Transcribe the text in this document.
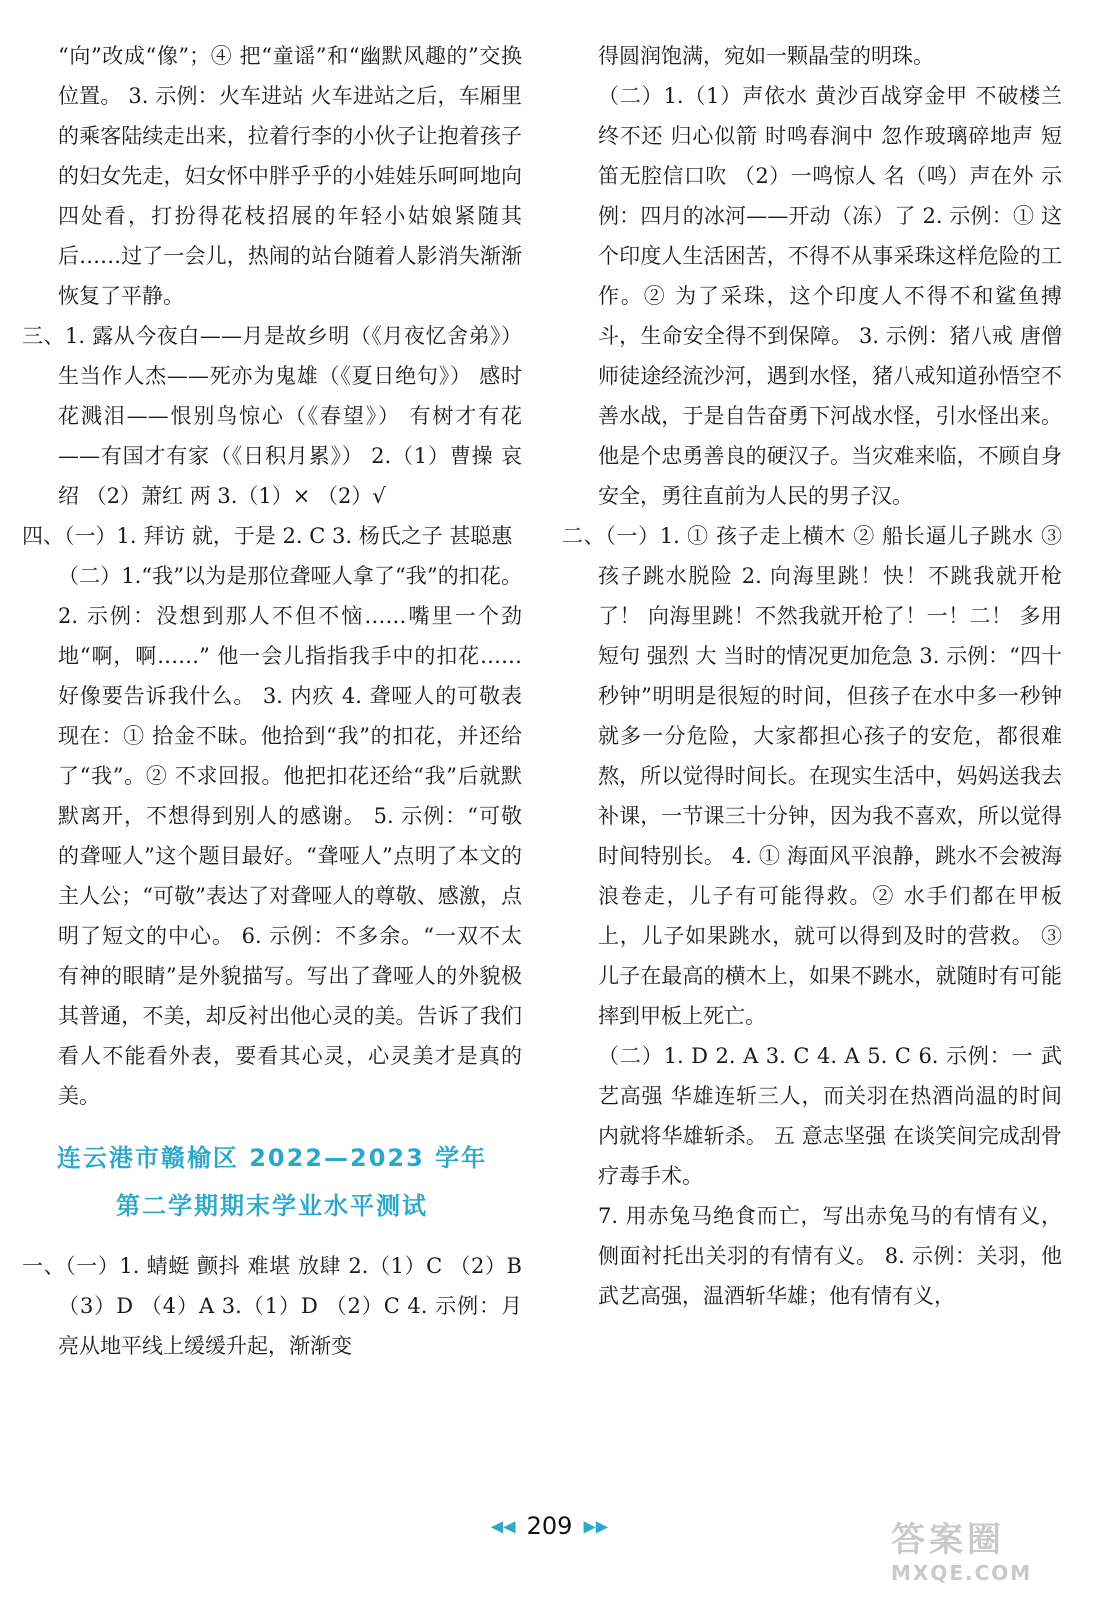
“向”改成“像”；④ 把“童谣”和“幽默风趣的”交换位置。 3. 示例：火车进站 火车进站之后，车厢里的乘客陆续走出来，拉着行李的小伙子让抱着孩子的妇女先走，妇女怀中胖乎乎的小娃娃乐呵呵地向四处看，打扮得花枝招展的年轻小姑娘紧随其后……过了一会儿，热闹的站台随着人影消失渐渐恢复了平静。
三、1. 露从今夜白——月是故乡明（《月夜忆舍弟》） 生当作人杰——死亦为鬼雄（《夏日绝句》） 感时花溅泪——恨别鸟惊心（《春望》） 有树才有花——有国才有家（《日积月累》） 2.（1）曹操 哀绍 （2）萧红 两 3.（1）× （2）√
四、（一）1. 拜访 就，于是 2. C 3. 杨氏之子 甚聪惠
（二）1.“我”以为是那位聋哑人拿了“我”的扣花。 2. 示例：没想到那人不但不恼……嘴里一个劲地“啊，啊……” 他一会儿指指我手中的扣花……好像要告诉我什么。 3. 内疚 4. 聋哑人的可敬表现在：① 拾金不昧。他拾到“我”的扣花，并还给了“我”。② 不求回报。他把扣花还给“我”后就默默离开，不想得到别人的感谢。 5. 示例：“可敬的聋哑人”这个题目最好。“聋哑人”点明了本文的主人公；“可敬”表达了对聋哑人的尊敬、感激，点明了短文的中心。 6. 示例：不多余。“一双不太有神的眼睛”是外貌描写。写出了聋哑人的外貌极其普通，不美，却反衬出他心灵的美。告诉了我们看人不能看外表，要看其心灵，心灵美才是真的美。
连云港市赣榆区 2022—2023 学年
第二学期期末学业水平测试
一、（一）1. 蜻蜓 颤抖 难堪 放肆 2.（1）C （2）B （3）D （4）A 3.（1）D （2）C 4. 示例：月亮从地平线上缓缓升起，渐渐变
得圆润饱满，宛如一颗晶莹的明珠。
（二）1.（1）声依水 黄沙百战穿金甲 不破楼兰终不还 归心似箭 时鸣春涧中 忽作玻璃碎地声 短笛无腔信口吹 （2）一鸣惊人 名（鸣）声在外 示例：四月的冰河——开动（冻）了 2. 示例：① 这个印度人生活困苦，不得不从事采珠这样危险的工作。② 为了采珠，这个印度人不得不和鲨鱼搏斗，生命安全得不到保障。 3. 示例：猪八戒 唐僧师徒途经流沙河，遇到水怪，猪八戒知道孙悟空不善水战，于是自告奋勇下河战水怪，引水怪出来。 他是个忠勇善良的硬汉子。当灾难来临，不顾自身安全，勇往直前为人民的男子汉。
二、（一）1. ① 孩子走上横木 ② 船长逼儿子跳水 ③ 孩子跳水脱险 2. 向海里跳！快！不跳我就开枪了！ 向海里跳！不然我就开枪了！一！二！ 多用短句 强烈 大 当时的情况更加危急 3. 示例：“四十秒钟”明明是很短的时间，但孩子在水中多一秒钟就多一分危险，大家都担心孩子的安危，都很难熬，所以觉得时间长。在现实生活中，妈妈送我去补课，一节课三十分钟，因为我不喜欢，所以觉得时间特别长。 4. ① 海面风平浪静，跳水不会被海浪卷走，儿子有可能得救。② 水手们都在甲板上，儿子如果跳水，就可以得到及时的营救。 ③ 儿子在最高的横木上，如果不跳水，就随时有可能摔到甲板上死亡。
（二）1. D 2. A 3. C 4. A 5. C 6. 示例：一 武艺高强 华雄连斩三人，而关羽在热酒尚温的时间内就将华雄斩杀。 五 意志坚强 在谈笑间完成刮骨疗毒手术。
7. 用赤兔马绝食而亡，写出赤兔马的有情有义，侧面衬托出关羽的有情有义。 8. 示例：关羽，他武艺高强，温酒斩华雄；他有情有义，
◀◀ 209 ▶▶	答案圈
MXQE.COM
